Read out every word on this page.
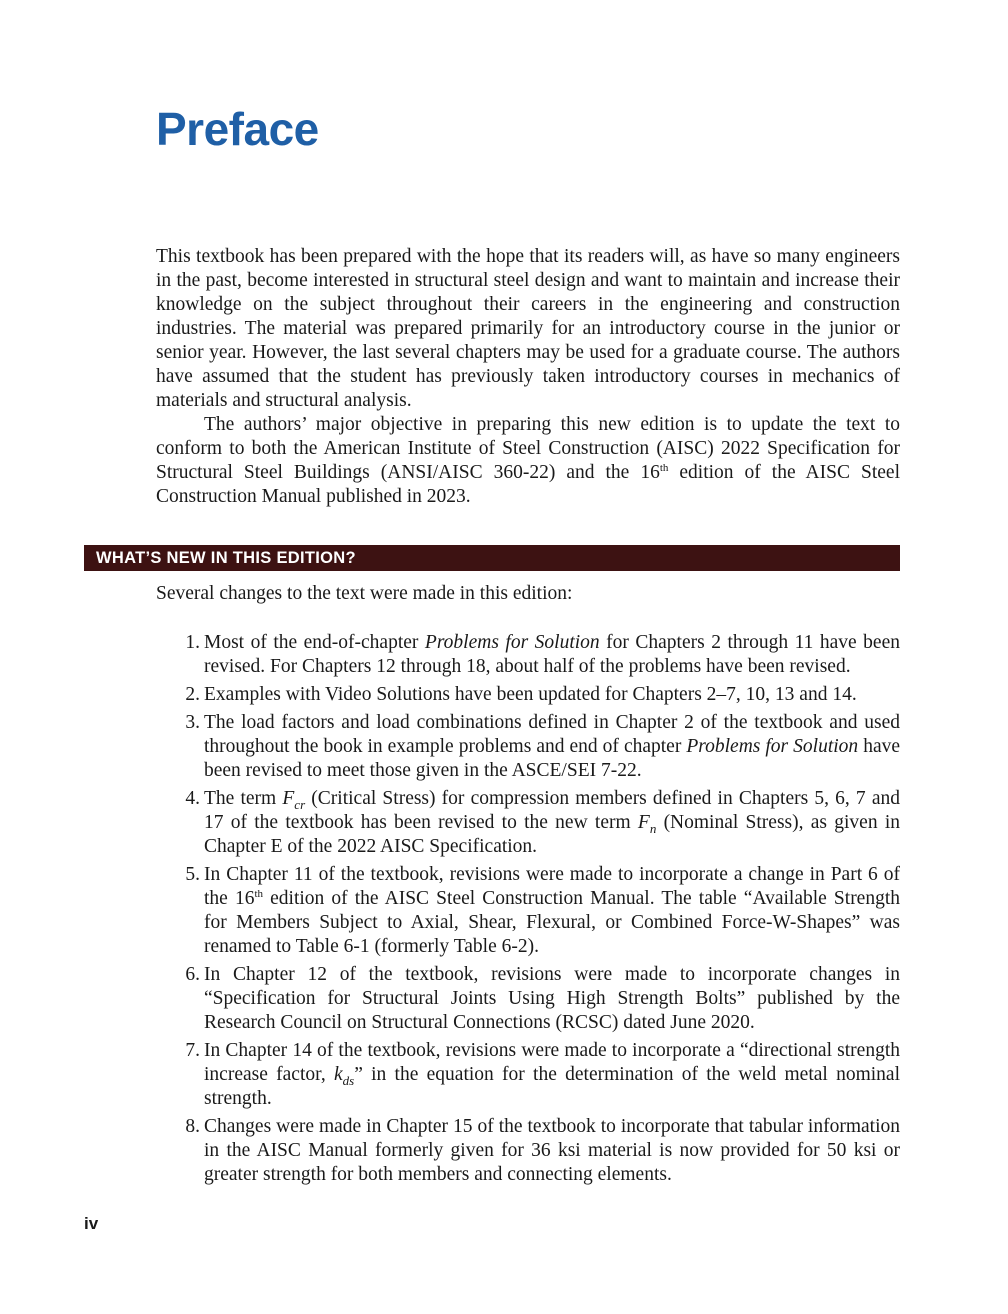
Preface

This textbook has been prepared with the hope that its readers will, as have so many engineers in the past, become interested in structural steel design and want to maintain and increase their knowledge on the subject throughout their careers in the engineering and construction industries. The material was prepared primarily for an introductory course in the junior or senior year. However, the last several chapters may be used for a graduate course. The authors have assumed that the student has previously taken introductory courses in mechanics of materials and structural analysis.

The authors’ major objective in preparing this new edition is to update the text to conform to both the American Institute of Steel Construction (AISC) 2022 Specification for Structural Steel Buildings (ANSI/AISC 360-22) and the 16th edition of the AISC Steel Construction Manual published in 2023.

WHAT’S NEW IN THIS EDITION?
Several changes to the text were made in this edition:
1. Most of the end-of-chapter Problems for Solution for Chapters 2 through 11 have been revised. For Chapters 12 through 18, about half of the problems have been revised.
2. Examples with Video Solutions have been updated for Chapters 2–7, 10, 13 and 14.
3. The load factors and load combinations defined in Chapter 2 of the textbook and used throughout the book in example problems and end of chapter Problems for Solution have been revised to meet those given in the ASCE/SEI 7-22.
4. The term $F_{cr}$ (Critical Stress) for compression members defined in Chapters 5, 6, 7 and 17 of the textbook has been revised to the new term $F_n$ (Nominal Stress), as given in Chapter E of the 2022 AISC Specification.
5. In Chapter 11 of the textbook, revisions were made to incorporate a change in Part 6 of the 16th edition of the AISC Steel Construction Manual. The table “Available Strength for Members Subject to Axial, Shear, Flexural, or Combined Force-W-Shapes” was renamed to Table 6-1 (formerly Table 6-2).
6. In Chapter 12 of the textbook, revisions were made to incorporate changes in “Specification for Structural Joints Using High Strength Bolts” published by the Research Council on Structural Connections (RCSC) dated June 2020.
7. In Chapter 14 of the textbook, revisions were made to incorporate a “directional strength increase factor, $k_{ds}$” in the equation for the determination of the weld metal nominal strength.
8. Changes were made in Chapter 15 of the textbook to incorporate that tabular information in the AISC Manual formerly given for 36 ksi material is now provided for 50 ksi or greater strength for both members and connecting elements.
iv
